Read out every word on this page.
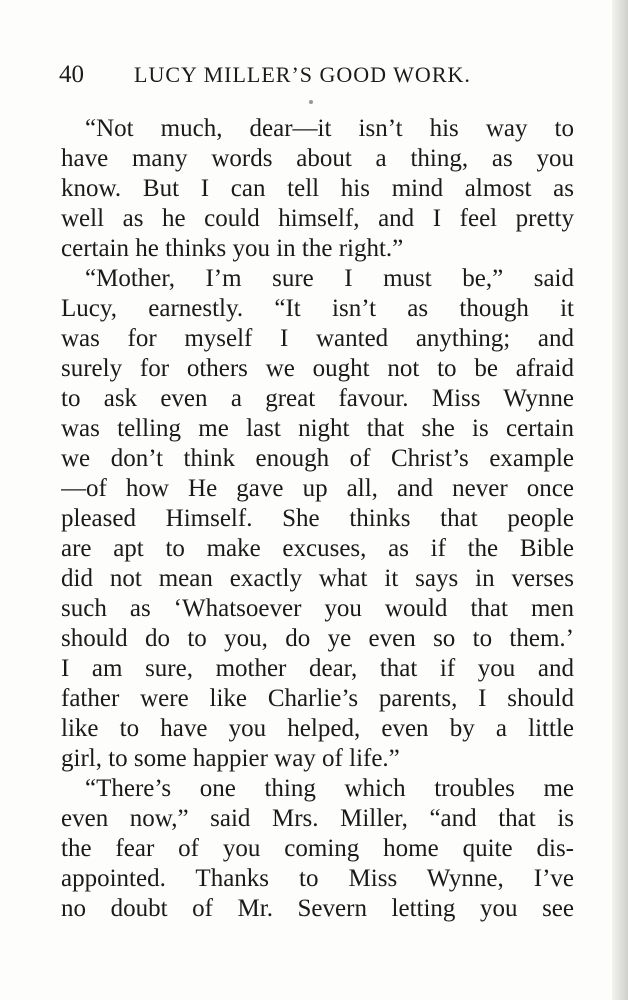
40 LUCY MILLER’S GOOD WORK.
“Not much, dear—it isn’t his way to
have many words about a thing, as you
know. But I can tell his mind almost as
well as he could himself, and I feel pretty
certain he thinks you in the right.”
“Mother, I’m sure I must be,” said
Lucy, earnestly. “It isn’t as though it
was for myself I wanted anything; and
surely for others we ought not to be afraid
to ask even a great favour. Miss Wynne
was telling me last night that she is certain
we don’t think enough of Christ’s example
—of how He gave up all, and never once
pleased Himself. She thinks that people
are apt to make excuses, as if the Bible
did not mean exactly what it says in verses
such as ‘Whatsoever you would that men
should do to you, do ye even so to them.’
I am sure, mother dear, that if you and
father were like Charlie’s parents, I should
like to have you helped, even by a little
girl, to some happier way of life.”
“There’s one thing which troubles me
even now,” said Mrs. Miller, “and that is
the fear of you coming home quite dis-
appointed. Thanks to Miss Wynne, I’ve
no doubt of Mr. Severn letting you see
